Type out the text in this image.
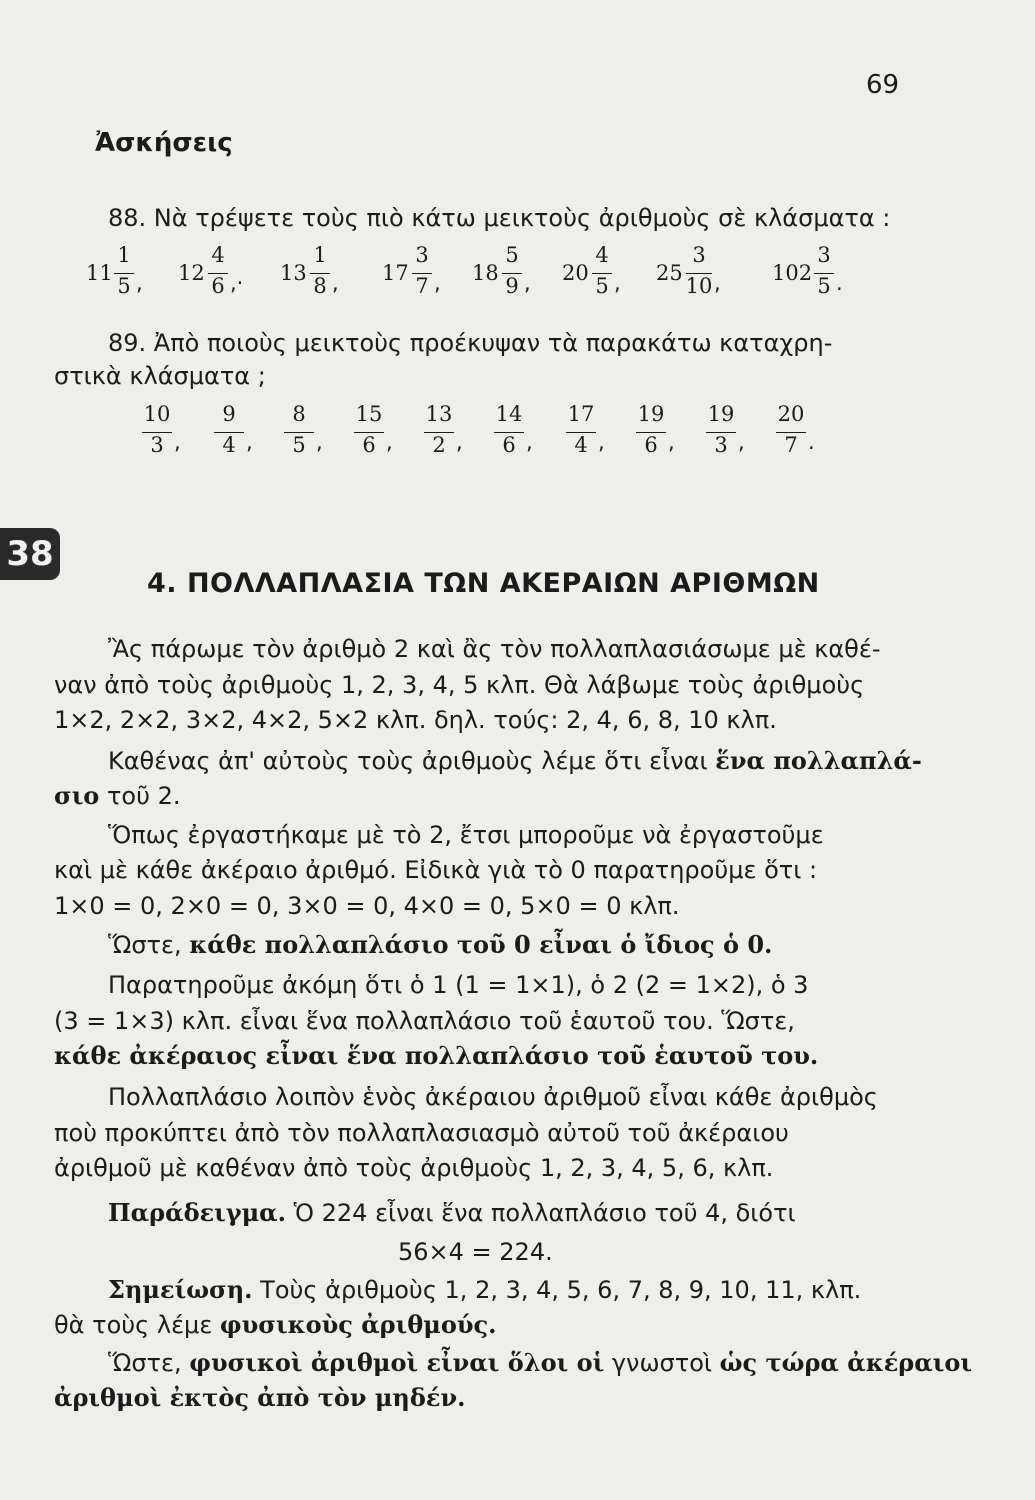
69
Ἀσκήσεις
88. Νὰ τρέψετε τοὺς πιὸ κάτω μεικτοὺς ἀριθμοὺς σὲ κλάσματα :
11
1
5 , 12
4
6 ,· 13
1
8 , 17
3
7 , 18
5
9 , 20
4
5 , 25
3
10 , 102
3
5 .
89. Ἀπὸ ποιοὺς μεικτοὺς προέκυψαν τὰ παρακάτω καταχρη-
στικὰ κλάσματα ;
10
3 ,
9
4 ,
8
5 ,
15
6 ,
13
2 ,
14
6 ,
17
4 ,
19
6 ,
19
3 ,
20
7 .
38
4. ΠΟΛΛΑΠΛΑΣΙΑ ΤΩΝ ΑΚΕΡΑΙΩΝ ΑΡΙΘΜΩΝ
Ἂς πάρωμε τὸν ἀριθμὸ 2 καὶ ἂς τὸν πολλαπλασιάσωμε μὲ καθέ-
ναν ἀπὸ τοὺς ἀριθμοὺς 1, 2, 3, 4, 5 κλπ. Θὰ λάβωμε τοὺς ἀριθμοὺς
1×2, 2×2, 3×2, 4×2, 5×2 κλπ. δηλ. τούς: 2, 4, 6, 8, 10 κλπ.
Καθένας ἀπ' αὐτοὺς τοὺς ἀριθμοὺς λέμε ὅτι εἶναι ἕνα πολλαπλά-
σιο τοῦ 2.
Ὅπως ἐργαστήκαμε μὲ τὸ 2, ἔτσι μποροῦμε νὰ ἐργαστοῦμε
καὶ μὲ κάθε ἀκέραιο ἀριθμό. Εἰδικὰ γιὰ τὸ 0 παρατηροῦμε ὅτι :
1×0 = 0, 2×0 = 0, 3×0 = 0, 4×0 = 0, 5×0 = 0 κλπ.
Ὥστε, κάθε πολλαπλάσιο τοῦ 0 εἶναι ὁ ἴδιος ὁ 0.
Παρατηροῦμε ἀκόμη ὅτι ὁ 1 (1 = 1×1), ὁ 2 (2 = 1×2), ὁ 3
(3 = 1×3) κλπ. εἶναι ἕνα πολλαπλάσιο τοῦ ἑαυτοῦ του. Ὥστε,
κάθε ἀκέραιος εἶναι ἕνα πολλαπλάσιο τοῦ ἑαυτοῦ του.
Πολλαπλάσιο λοιπὸν ἑνὸς ἀκέραιου ἀριθμοῦ εἶναι κάθε ἀριθμὸς
ποὺ προκύπτει ἀπὸ τὸν πολλαπλασιασμὸ αὐτοῦ τοῦ ἀκέραιου
ἀριθμοῦ μὲ καθέναν ἀπὸ τοὺς ἀριθμοὺς 1, 2, 3, 4, 5, 6, κλπ.
Παράδειγμα. Ὁ 224 εἶναι ἕνα πολλαπλάσιο τοῦ 4, διότι
56×4 = 224.
Σημείωση. Τοὺς ἀριθμοὺς 1, 2, 3, 4, 5, 6, 7, 8, 9, 10, 11, κλπ.
θὰ τοὺς λέμε φυσικοὺς ἀριθμούς.
Ὥστε, φυσικοὶ ἀριθμοὶ εἶναι ὅλοι οἱ γνωστοὶ ὡς τώρα ἀκέραιοι
ἀριθμοὶ ἐκτὸς ἀπὸ τὸν μηδέν.
